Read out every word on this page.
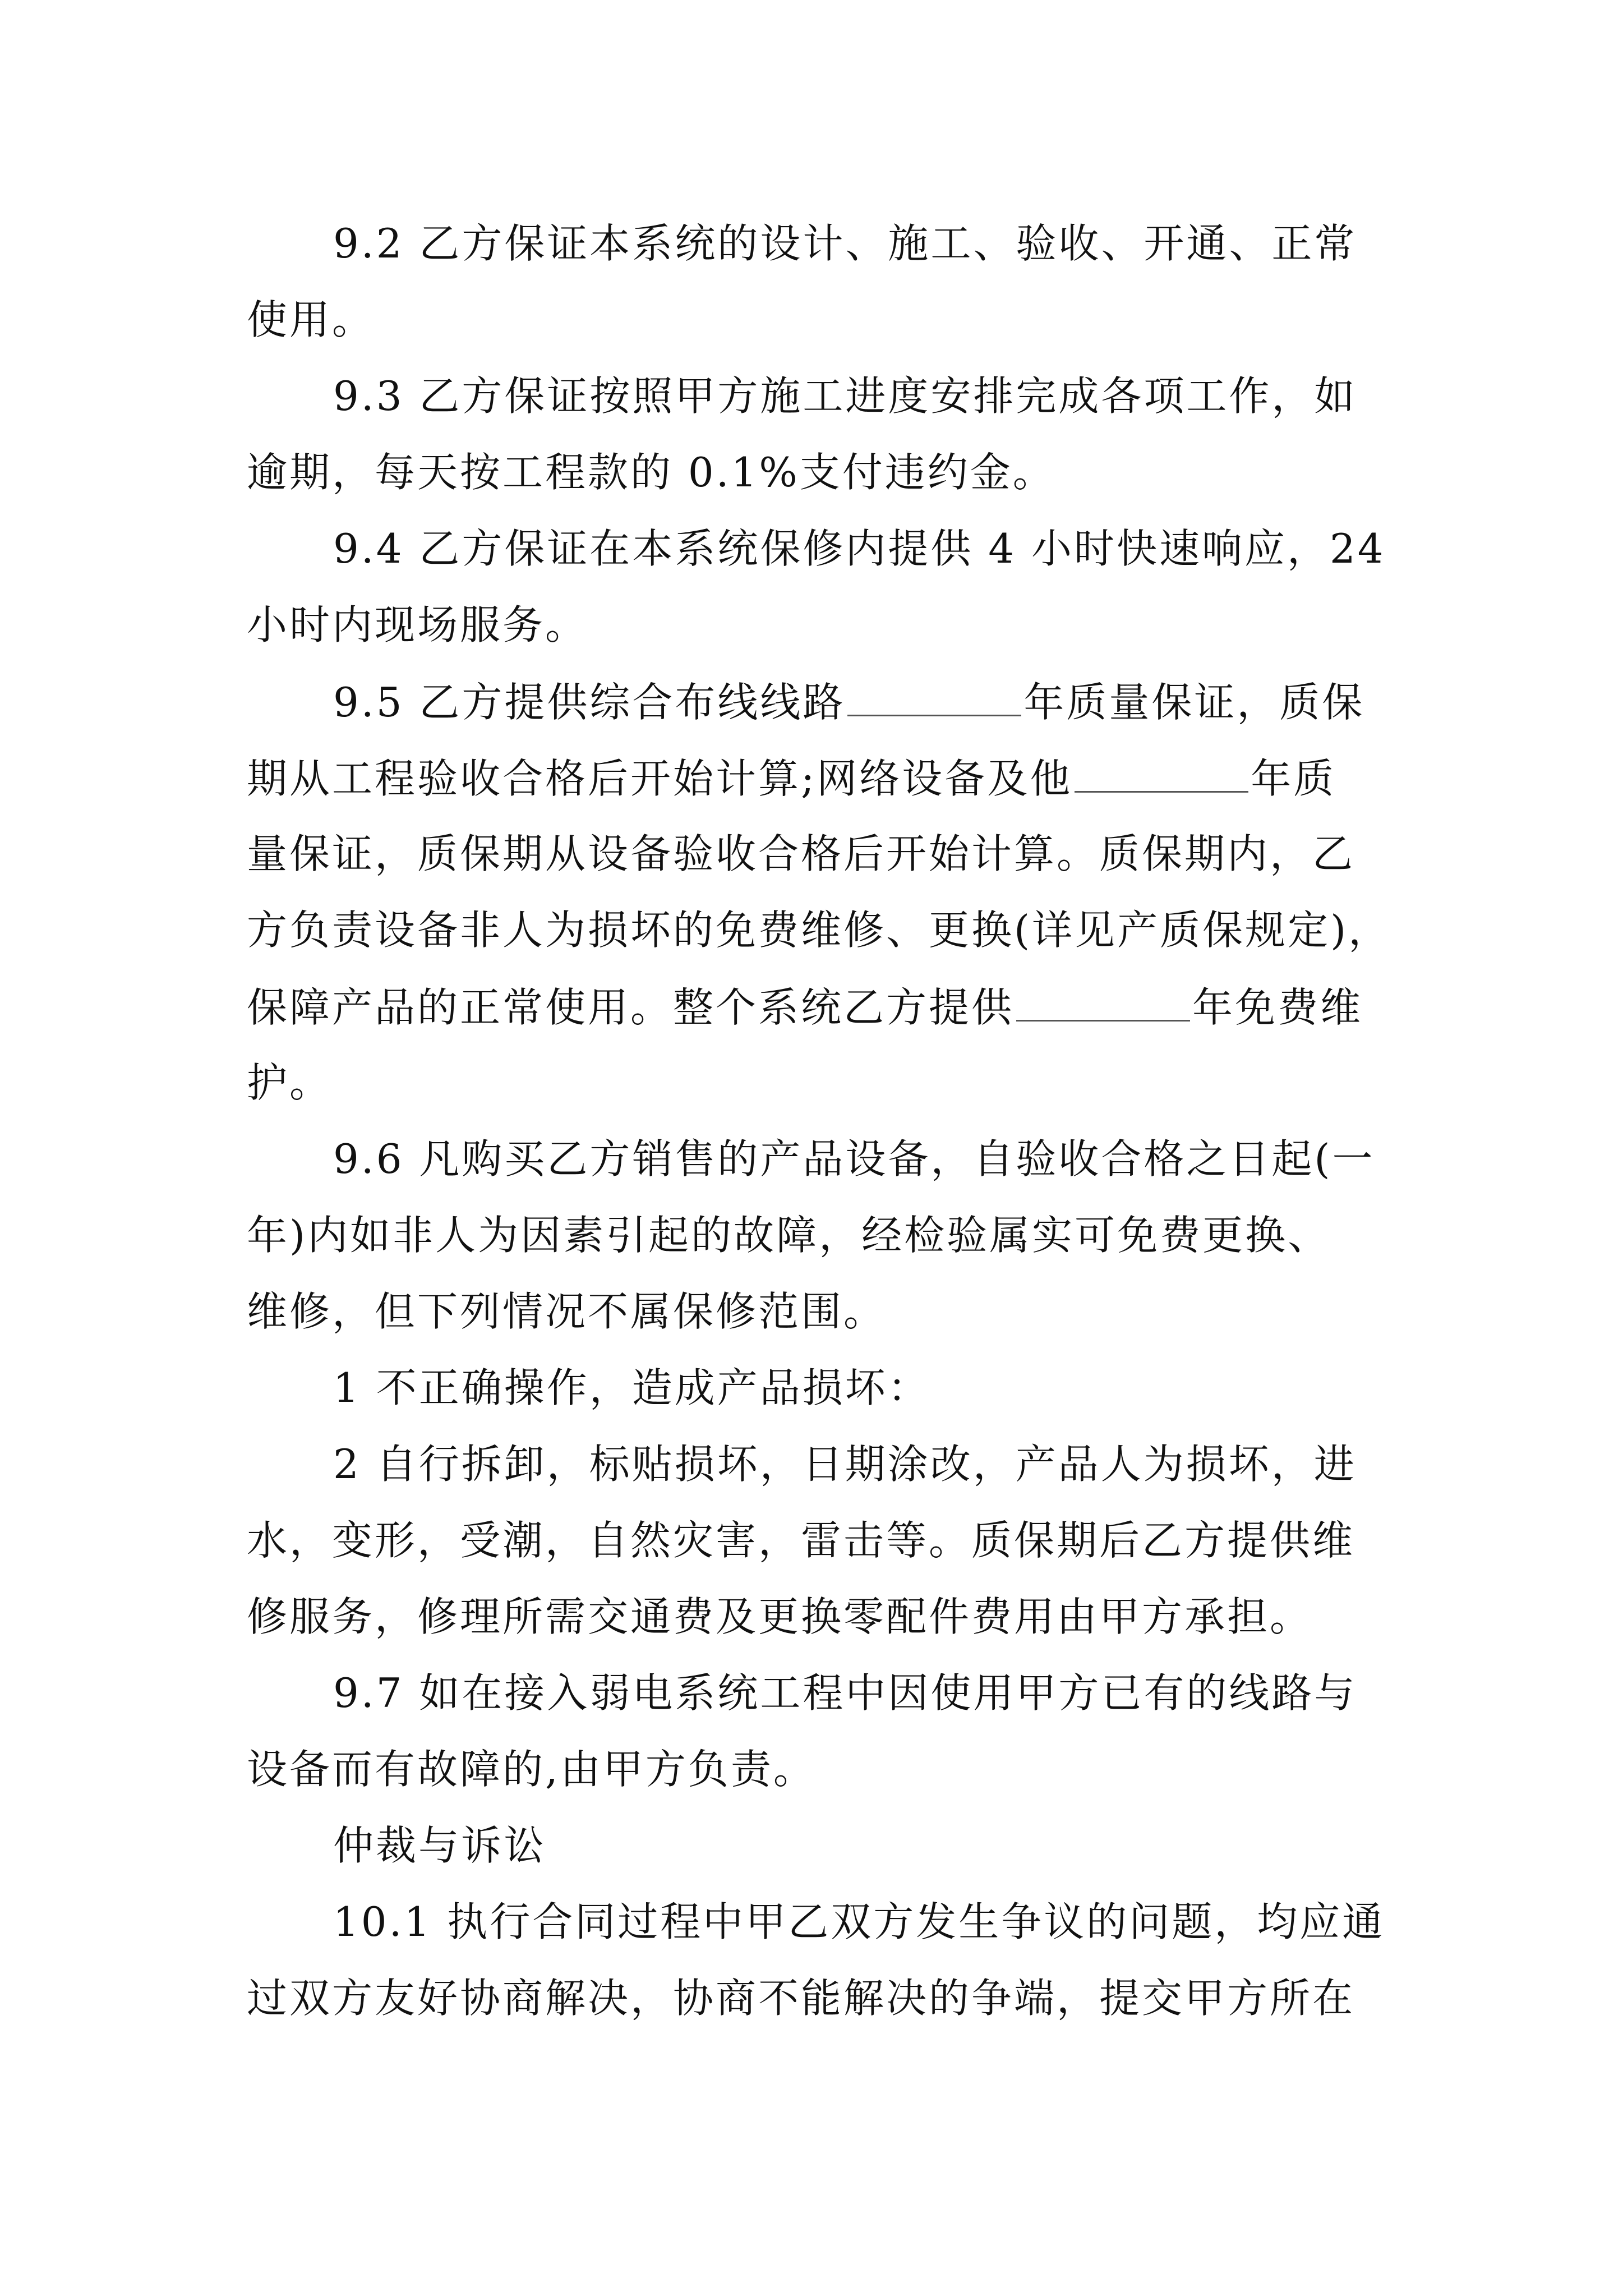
9.2 乙方保证本系统的设计、施工、验收、开通、正常
使用。
9.3 乙方保证按照甲方施工进度安排完成各项工作，如
逾期，每天按工程款的 0.1%支付违约金。
9.4 乙方保证在本系统保修内提供 4 小时快速响应，24
小时内现场服务。
9.5 乙方提供综合布线线路	年质量保证，质保
期从工程验收合格后开始计算;网络设备及他	年质
量保证，质保期从设备验收合格后开始计算。质保期内，乙
方负责设备非人为损坏的免费维修、更换(详见产质保规定)，
保障产品的正常使用。整个系统乙方提供	年免费维
护。
9.6 凡购买乙方销售的产品设备，自验收合格之日起(一
年)内如非人为因素引起的故障，经检验属实可免费更换、
维修，但下列情况不属保修范围。
1 不正确操作，造成产品损坏：
2 自行拆卸，标贴损坏，日期涂改，产品人为损坏，进
水，变形，受潮，自然灾害，雷击等。质保期后乙方提供维
修服务，修理所需交通费及更换零配件费用由甲方承担。
9.7 如在接入弱电系统工程中因使用甲方已有的线路与
设备而有故障的,由甲方负责。
仲裁与诉讼
10.1 执行合同过程中甲乙双方发生争议的问题，均应通
过双方友好协商解决，协商不能解决的争端，提交甲方所在
